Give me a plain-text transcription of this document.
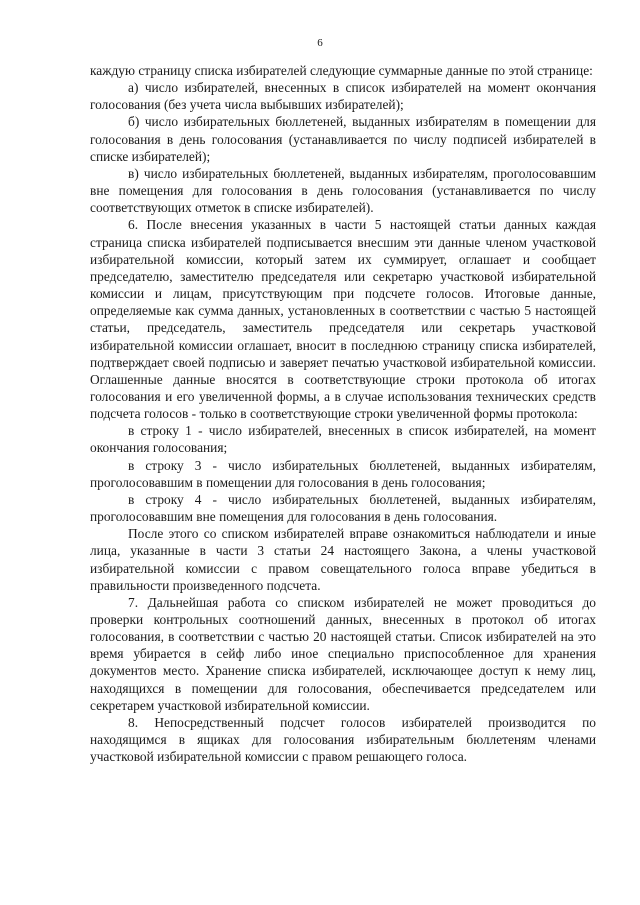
6

каждую страницу списка избирателей следующие суммарные данные по этой странице:

а) число избирателей, внесенных в список избирателей на момент окончания голосования (без учета числа выбывших избирателей);

б) число избирательных бюллетеней, выданных избирателям в помещении для голосования в день голосования (устанавливается по числу подписей избирателей в списке избирателей);

в) число избирательных бюллетеней, выданных избирателям, проголосовавшим вне помещения для голосования в день голосования (устанавливается по числу соответствующих отметок в списке избирателей).

6. После внесения указанных в части 5 настоящей статьи данных каждая страница списка избирателей подписывается внесшим эти данные членом участковой избирательной комиссии, который затем их суммирует, оглашает и сообщает председателю, заместителю председателя или секретарю участковой избирательной комиссии и лицам, присутствующим при подсчете голосов. Итоговые данные, определяемые как сумма данных, установленных в соответствии с частью 5 настоящей статьи, председатель, заместитель председателя или секретарь участковой избирательной комиссии оглашает, вносит в последнюю страницу списка избирателей, подтверждает своей подписью и заверяет печатью участковой избирательной комиссии. Оглашенные данные вносятся в соответствующие строки протокола об итогах голосования и его увеличенной формы, а в случае использования технических средств подсчета голосов - только в соответствующие строки увеличенной формы протокола:

в строку 1 - число избирателей, внесенных в список избирателей, на момент окончания голосования;

в строку 3 - число избирательных бюллетеней, выданных избирателям, проголосовавшим в помещении для голосования в день голосования;

в строку 4 - число избирательных бюллетеней, выданных избирателям, проголосовавшим вне помещения для голосования в день голосования.

После этого со списком избирателей вправе ознакомиться наблюдатели и иные лица, указанные в части 3 статьи 24 настоящего Закона, а члены участковой избирательной комиссии с правом совещательного голоса вправе убедиться в правильности произведенного подсчета.

7. Дальнейшая работа со списком избирателей не может проводиться до проверки контрольных соотношений данных, внесенных в протокол об итогах голосования, в соответствии с частью 20 настоящей статьи. Список избирателей на это время убирается в сейф либо иное специально приспособленное для хранения документов место. Хранение списка избирателей, исключающее доступ к нему лиц, находящихся в помещении для голосования, обеспечивается председателем или секретарем участковой избирательной комиссии.

8. Непосредственный подсчет голосов избирателей производится по находящимся в ящиках для голосования избирательным бюллетеням членами участковой избирательной комиссии с правом решающего голоса.
